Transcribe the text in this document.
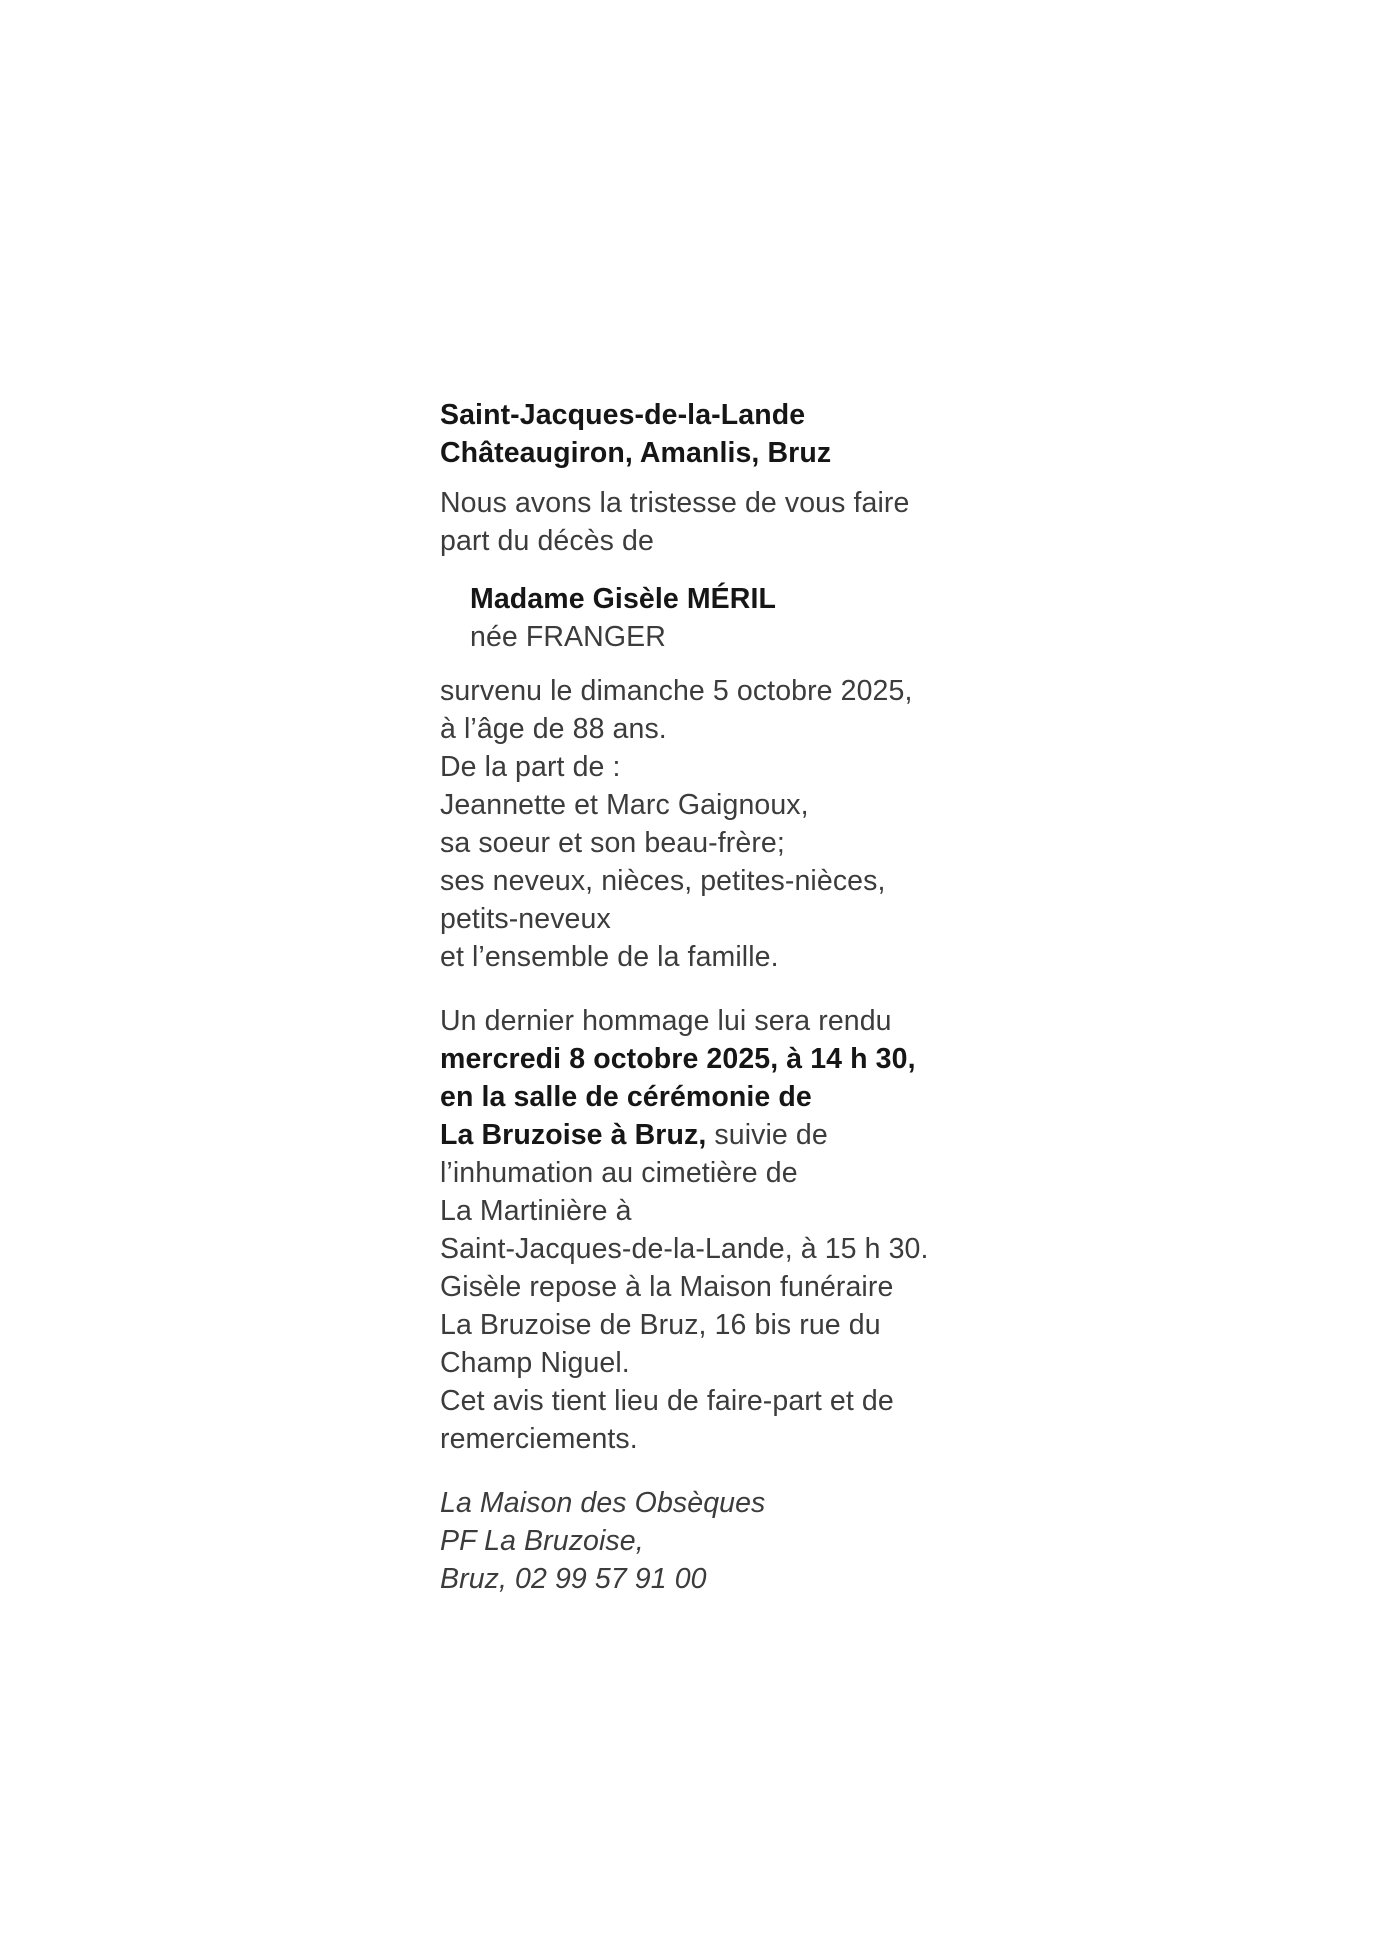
Saint-Jacques-de-la-Lande
Châteaugiron, Amanlis, Bruz
Nous avons la tristesse de vous faire
part du décès de
Madame Gisèle MÉRIL
née FRANGER
survenu le dimanche 5 octobre 2025,
à l’âge de 88 ans.
De la part de :
Jeannette et Marc Gaignoux,
sa soeur et son beau-frère;
ses neveux, nièces, petites-nièces,
petits-neveux
et l’ensemble de la famille.
Un dernier hommage lui sera rendu
mercredi 8 octobre 2025, à 14 h 30,
en la salle de cérémonie de
La Bruzoise à Bruz, suivie de
l’inhumation au cimetière de
La Martinière à
Saint-Jacques-de-la-Lande, à 15 h 30.
Gisèle repose à la Maison funéraire
La Bruzoise de Bruz, 16 bis rue du
Champ Niguel.
Cet avis tient lieu de faire-part et de
remerciements.
La Maison des Obsèques
PF La Bruzoise,
Bruz, 02 99 57 91 00
